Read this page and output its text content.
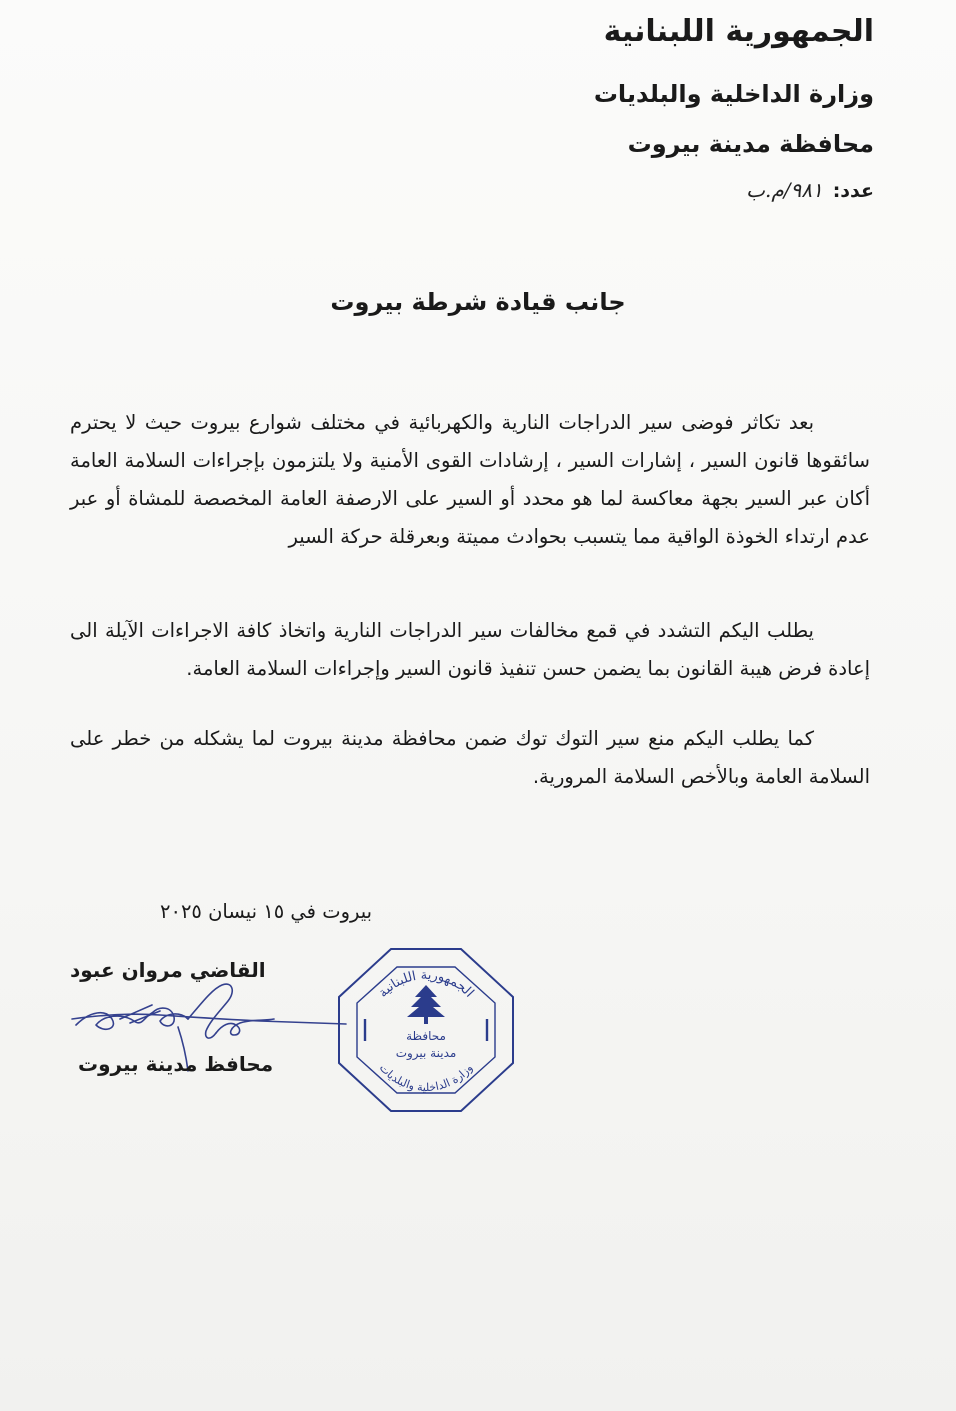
الجمهورية اللبنانية
وزارة الداخلية والبلديات
محافظة مدينة بيروت
عدد:٩٨١/م.ب
جانب قيادة شرطة بيروت
بعد تكاثر فوضى سير الدراجات النارية والكهربائية في مختلف شوارع بيروت حيث لا يحترم سائقوها قانون السير ، إشارات السير ، إرشادات القوى الأمنية ولا يلتزمون بإجراءات السلامة العامة أكان عبر السير بجهة معاكسة لما هو محدد أو السير على الارصفة العامة المخصصة للمشاة أو عبر عدم ارتداء الخوذة الواقية مما يتسبب بحوادث مميتة وبعرقلة حركة السير
يطلب اليكم التشدد في قمع مخالفات سير الدراجات النارية واتخاذ كافة الاجراءات الآيلة الى إعادة فرض هيبة القانون بما يضمن حسن تنفيذ قانون السير وإجراءات السلامة العامة.
كما يطلب اليكم منع سير التوك توك ضمن محافظة مدينة بيروت لما يشكله من خطر على السلامة العامة وبالأخص السلامة المرورية.
بيروت في ١٥ نيسان ٢٠٢٥
القاضي مروان عبود
محافظ مدينة بيروت
الجمهورية اللبنانية
وزارة الداخلية والبلديات
محافظة
مدينة بيروت
